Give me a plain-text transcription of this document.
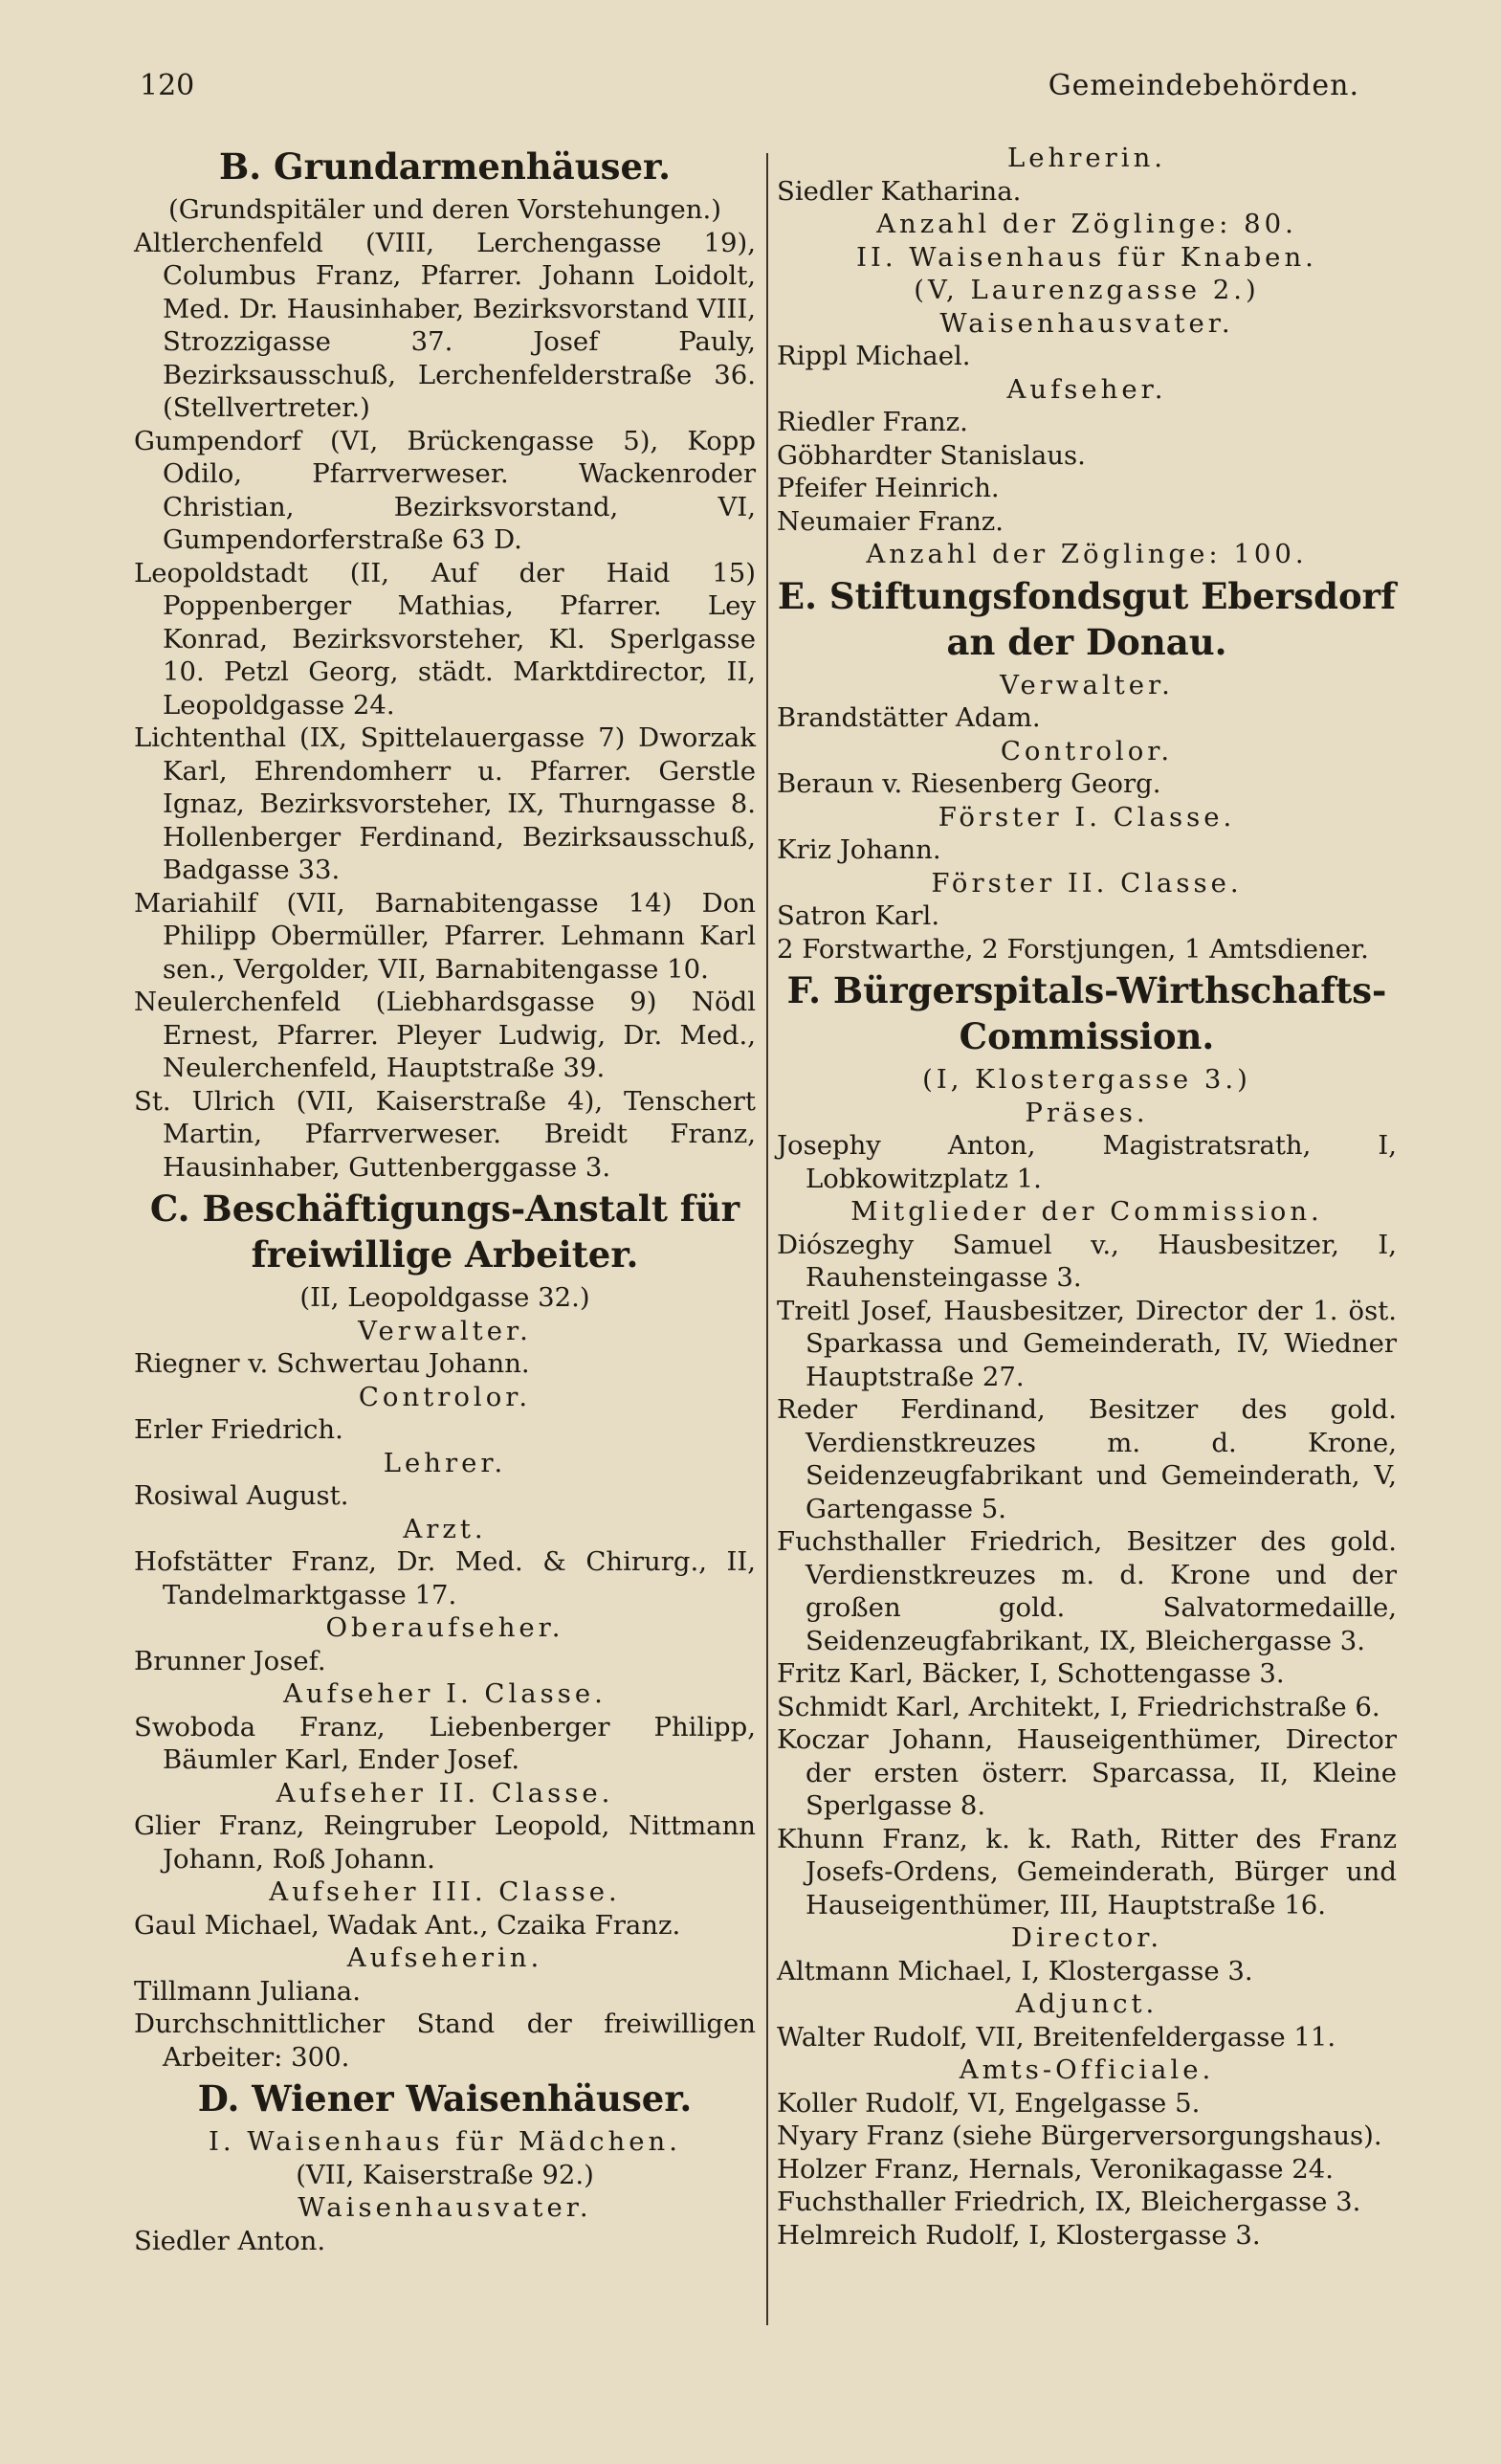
120	Gemeindebehörden.
B. Grundarmenhäuser.
(Grundspitäler und deren Vorstehungen.)
Altlerchenfeld (VIII, Lerchengasse 19), Columbus Franz, Pfarrer. Johann Loidolt, Med. Dr. Hausinhaber, Bezirksvorstand VIII, Strozzigasse 37. Josef Pauly, Bezirksausschuß, Lerchenfelderstraße 36. (Stellvertreter.)
Gumpendorf (VI, Brückengasse 5), Kopp Odilo, Pfarrverweser. Wackenroder Christian, Bezirksvorstand, VI, Gumpendorferstraße 63 D.
Leopoldstadt (II, Auf der Haid 15) Poppenberger Mathias, Pfarrer. Ley Konrad, Bezirksvorsteher, Kl. Sperlgasse 10. Petzl Georg, städt. Marktdirector, II, Leopoldgasse 24.
Lichtenthal (IX, Spittelauergasse 7) Dworzak Karl, Ehrendomherr u. Pfarrer. Gerstle Ignaz, Bezirksvorsteher, IX, Thurngasse 8. Hollenberger Ferdinand, Bezirksausschuß, Badgasse 33.
Mariahilf (VII, Barnabitengasse 14) Don Philipp Obermüller, Pfarrer. Lehmann Karl sen., Vergolder, VII, Barnabitengasse 10.
Neulerchenfeld (Liebhardsgasse 9) Nödl Ernest, Pfarrer. Pleyer Ludwig, Dr. Med., Neulerchenfeld, Hauptstraße 39.
St. Ulrich (VII, Kaiserstraße 4), Tenschert Martin, Pfarrverweser. Breidt Franz, Hausinhaber, Guttenberggasse 3.
C. Beschäftigungs-Anstalt für freiwillige Arbeiter.
(II, Leopoldgasse 32.)
Verwalter.
Riegner v. Schwertau Johann.
Controlor.
Erler Friedrich.
Lehrer.
Rosiwal August.
Arzt.
Hofstätter Franz, Dr. Med. & Chirurg., II, Tandelmarktgasse 17.
Oberaufseher.
Brunner Josef.
Aufseher I. Classe.
Swoboda Franz, Liebenberger Philipp, Bäumler Karl, Ender Josef.
Aufseher II. Classe.
Glier Franz, Reingruber Leopold, Nittmann Johann, Roß Johann.
Aufseher III. Classe.
Gaul Michael, Wadak Ant., Czaika Franz.
Aufseherin.
Tillmann Juliana.
Durchschnittlicher Stand der freiwilligen Arbeiter: 300.
D. Wiener Waisenhäuser.
I. Waisenhaus für Mädchen.
(VII, Kaiserstraße 92.)
Waisenhausvater.
Siedler Anton.
Lehrerin.
Siedler Katharina.
Anzahl der Zöglinge: 80.
II. Waisenhaus für Knaben.
(V, Laurenzgasse 2.)
Waisenhausvater.
Rippl Michael.
Aufseher.
Riedler Franz.
Göbhardter Stanislaus.
Pfeifer Heinrich.
Neumaier Franz.
Anzahl der Zöglinge: 100.
E. Stiftungsfondsgut Ebersdorf an der Donau.
Verwalter.
Brandstätter Adam.
Controlor.
Beraun v. Riesenberg Georg.
Förster I. Classe.
Kriz Johann.
Förster II. Classe.
Satron Karl.
2 Forstwarthe, 2 Forstjungen, 1 Amtsdiener.
F. Bürgerspitals-Wirthschafts-Commission.
(I, Klostergasse 3.)
Präses.
Josephy Anton, Magistratsrath, I, Lobkowitzplatz 1.
Mitglieder der Commission.
Diószeghy Samuel v., Hausbesitzer, I, Rauhensteingasse 3.
Treitl Josef, Hausbesitzer, Director der 1. öst. Sparkassa und Gemeinderath, IV, Wiedner Hauptstraße 27.
Reder Ferdinand, Besitzer des gold. Verdienstkreuzes m. d. Krone, Seidenzeugfabrikant und Gemeinderath, V, Gartengasse 5.
Fuchsthaller Friedrich, Besitzer des gold. Verdienstkreuzes m. d. Krone und der großen gold. Salvatormedaille, Seidenzeugfabrikant, IX, Bleichergasse 3.
Fritz Karl, Bäcker, I, Schottengasse 3.
Schmidt Karl, Architekt, I, Friedrichstraße 6.
Koczar Johann, Hauseigenthümer, Director der ersten österr. Sparcassa, II, Kleine Sperlgasse 8.
Khunn Franz, k. k. Rath, Ritter des Franz Josefs-Ordens, Gemeinderath, Bürger und Hauseigenthümer, III, Hauptstraße 16.
Director.
Altmann Michael, I, Klostergasse 3.
Adjunct.
Walter Rudolf, VII, Breitenfeldergasse 11.
Amts-Officiale.
Koller Rudolf, VI, Engelgasse 5.
Nyary Franz (siehe Bürgerversorgungshaus).
Holzer Franz, Hernals, Veronikagasse 24.
Fuchsthaller Friedrich, IX, Bleichergasse 3.
Helmreich Rudolf, I, Klostergasse 3.
